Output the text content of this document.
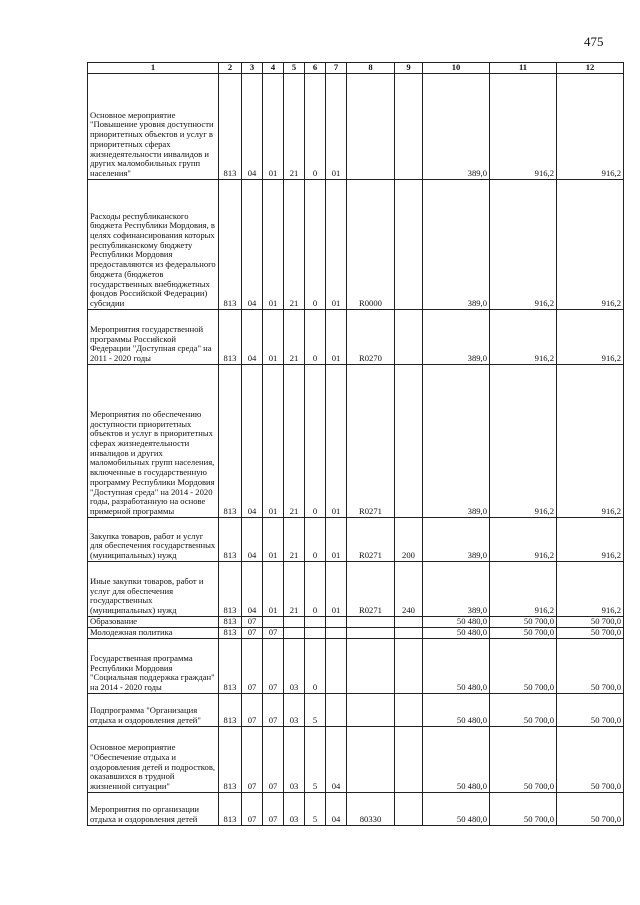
475
1	2	3	4	5	6	7	8	9	10	11	12
Основное мероприятие "Повышение уровня доступности приоритетных объектов и услуг в приоритетных сферах жизнедеятельности инвалидов и других маломобильных групп населения"	813	04	01	21	0	01			389,0	916,2	916,2
Расходы республиканского бюджета Республики Мордовия, в целях софинансирования которых республиканскому бюджету Республики Мордовия предоставляются из федерального бюджета (бюджетов государственных внебюджетных фондов Российской Федерации) субсидии	813	04	01	21	0	01	R0000		389,0	916,2	916,2
Мероприятия государственной программы Российской Федерации "Доступная среда" на 2011 - 2020 годы	813	04	01	21	0	01	R0270		389,0	916,2	916,2
Мероприятия по обеспечению доступности приоритетных объектов и услуг в приоритетных сферах жизнедеятельности инвалидов и других маломобильных групп населения, включенные в государственную программу Республики Мордовия "Доступная среда" на 2014 - 2020 годы, разработанную на основе примерной программы	813	04	01	21	0	01	R0271		389,0	916,2	916,2
Закупка товаров, работ и услуг для обеспечения государственных (муниципальных) нужд	813	04	01	21	0	01	R0271	200	389,0	916,2	916,2
Иные закупки товаров, работ и услуг для обеспечения государственных (муниципальных) нужд	813	04	01	21	0	01	R0271	240	389,0	916,2	916,2
Образование	813	07							50 480,0	50 700,0	50 700,0
Молодежная политика	813	07	07						50 480,0	50 700,0	50 700,0
Государственная программа Республики Мордовия "Социальная поддержка граждан" на 2014 - 2020 годы	813	07	07	03	0				50 480,0	50 700,0	50 700,0
Подпрограмма "Организация отдыха и оздоровления детей"	813	07	07	03	5				50 480,0	50 700,0	50 700,0
Основное мероприятие "Обеспечение отдыха и оздоровления детей и подростков, оказавшихся в трудной жизненной ситуации"	813	07	07	03	5	04			50 480,0	50 700,0	50 700,0
Мероприятия по организации отдыха и оздоровления детей	813	07	07	03	5	04	80330		50 480,0	50 700,0	50 700,0
